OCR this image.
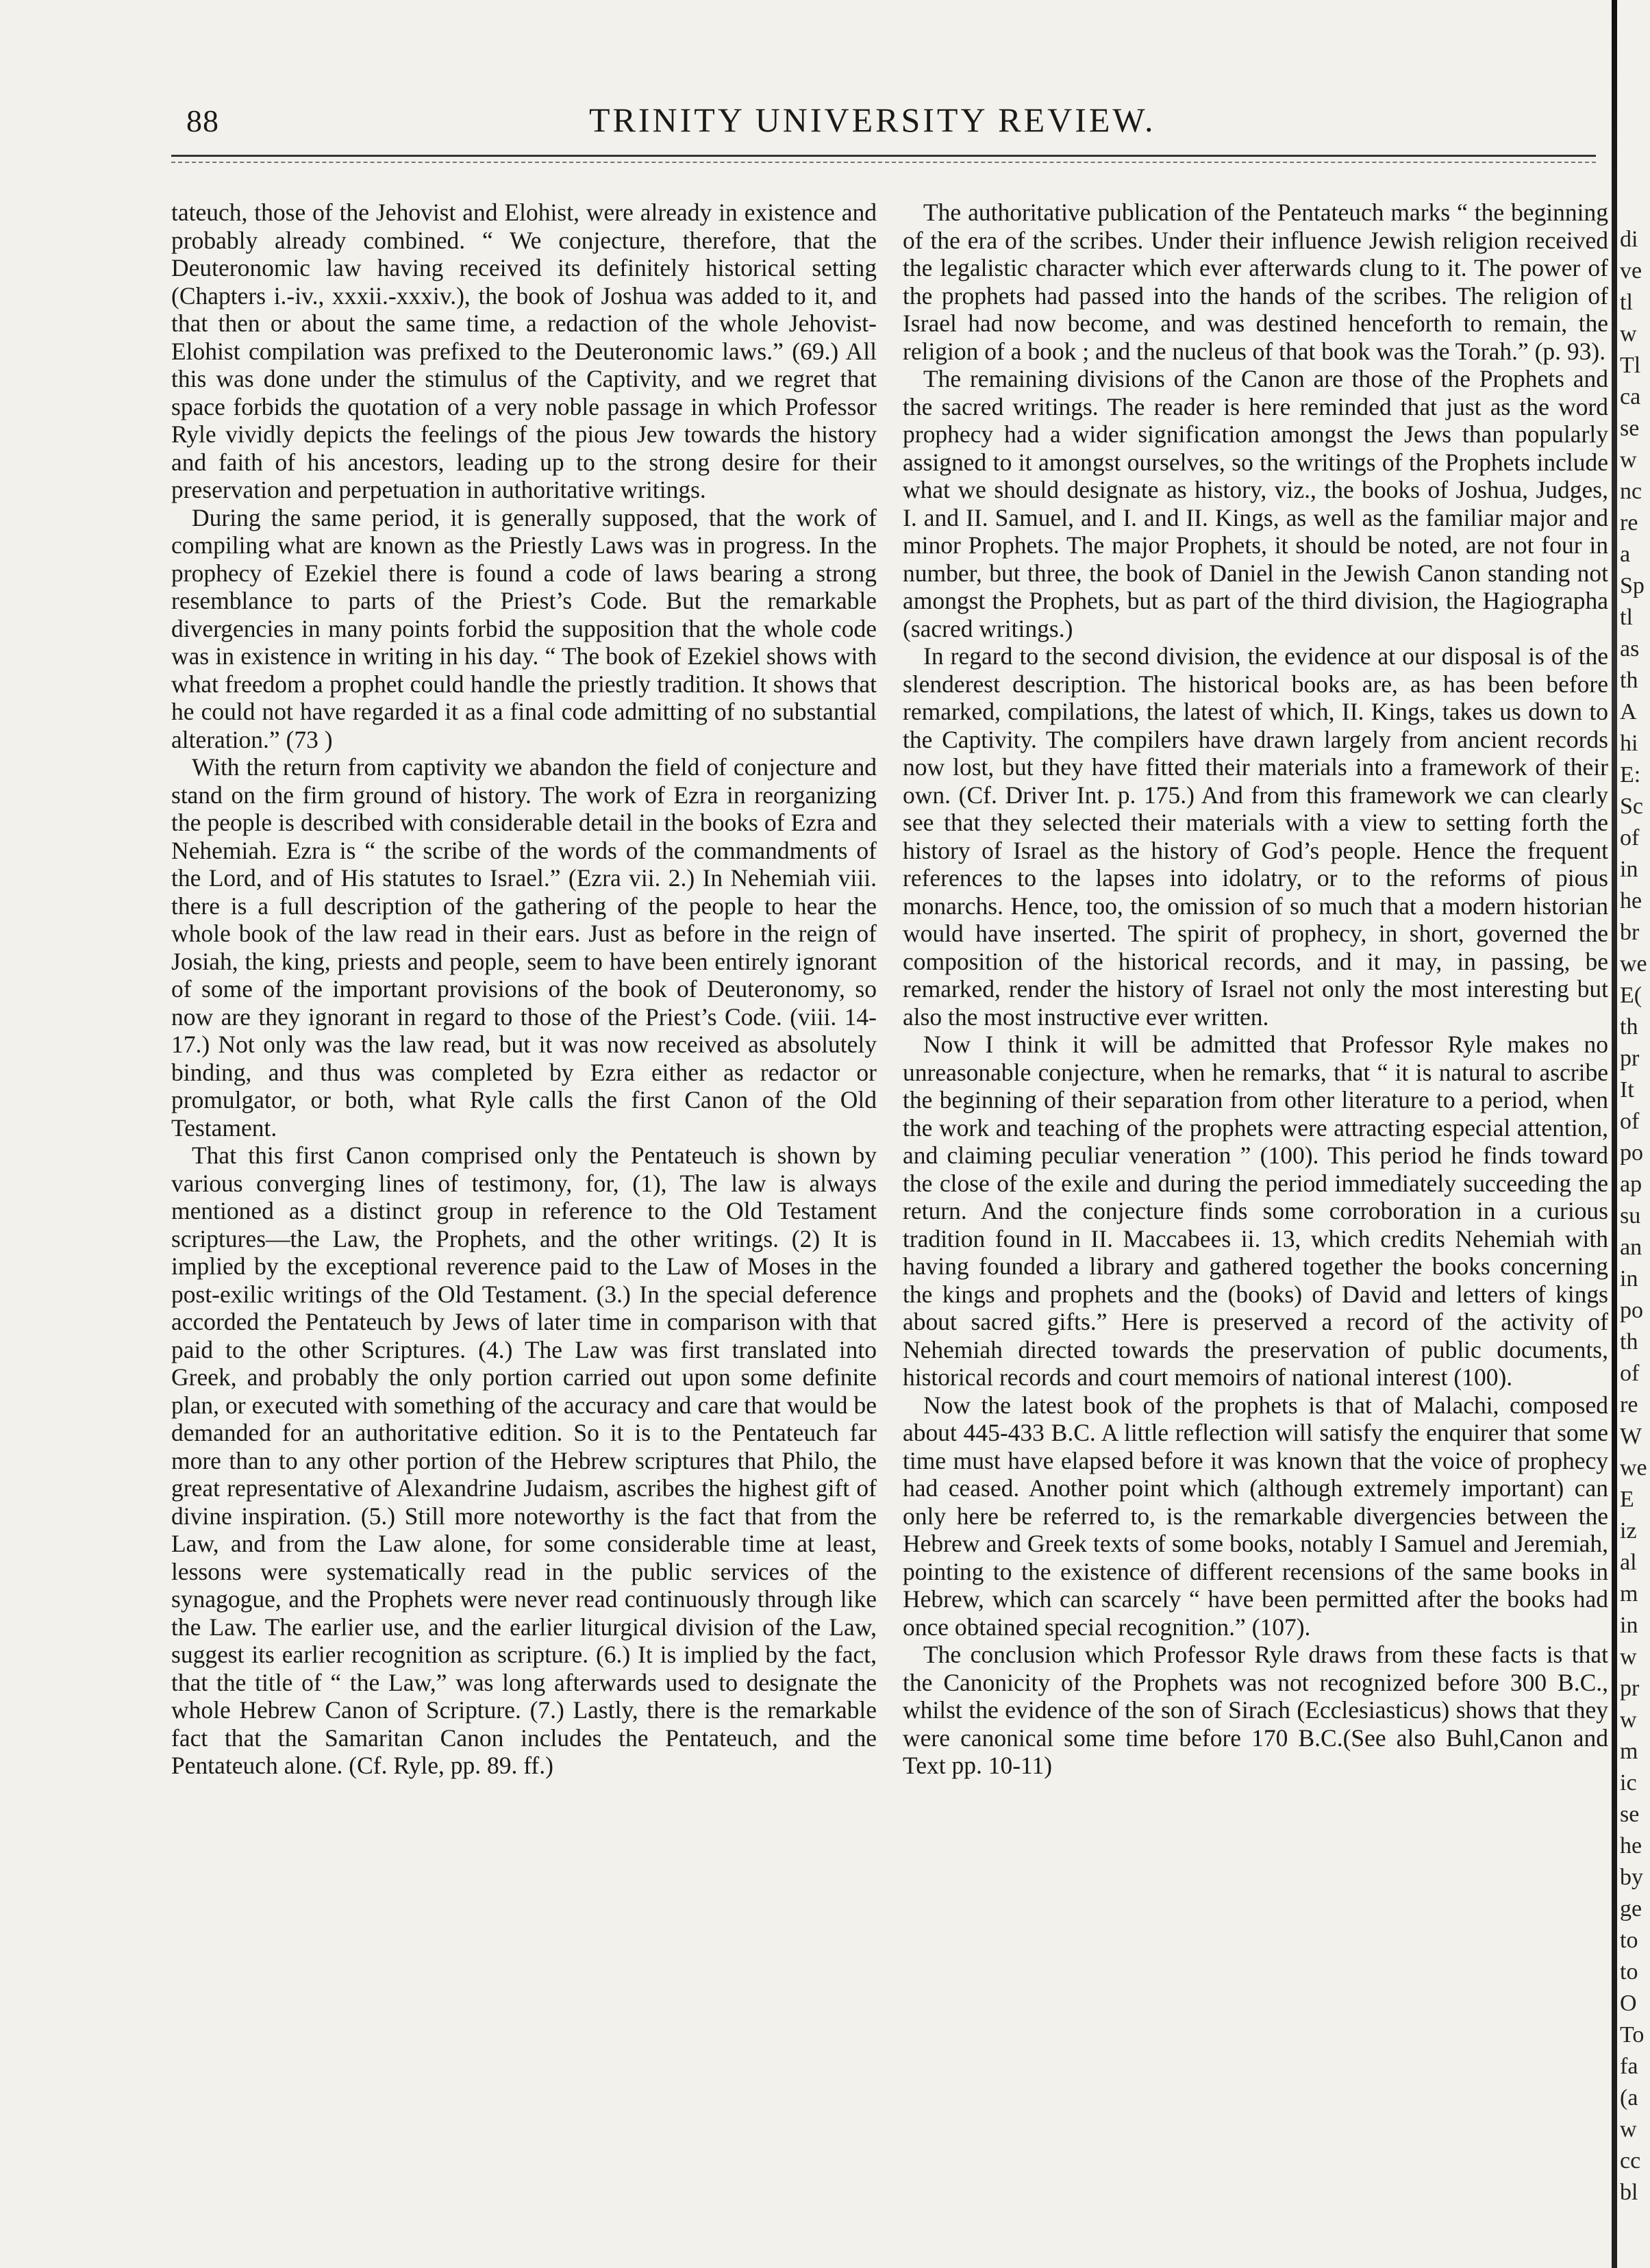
88	TRINITY UNIVERSITY REVIEW.

tateuch, those of the Jehovist and Elohist, were already in existence and probably already combined. “ We conjecture, therefore, that the Deuteronomic law having received its definitely historical setting (Chapters i.-iv., xxxii.-xxxiv.), the book of Joshua was added to it, and that then or about the same time, a redaction of the whole Jehovist-Elohist compilation was prefixed to the Deuteronomic laws.” (69.) All this was done under the stimulus of the Captivity, and we regret that space forbids the quotation of a very noble passage in which Professor Ryle vividly depicts the feelings of the pious Jew towards the history and faith of his ancestors, leading up to the strong desire for their preservation and perpetuation in authoritative writings.

During the same period, it is generally supposed, that the work of compiling what are known as the Priestly Laws was in progress. In the prophecy of Ezekiel there is found a code of laws bearing a strong resemblance to parts of the Priest’s Code. But the remarkable divergencies in many points forbid the supposition that the whole code was in existence in writing in his day. “ The book of Ezekiel shows with what freedom a prophet could handle the priestly tradition. It shows that he could not have regarded it as a final code admitting of no substantial alteration.” (73 )

With the return from captivity we abandon the field of conjecture and stand on the firm ground of history. The work of Ezra in reorganizing the people is described with considerable detail in the books of Ezra and Nehemiah. Ezra is “ the scribe of the words of the commandments of the Lord, and of His statutes to Israel.” (Ezra vii. 2.) In Nehemiah viii. there is a full description of the gathering of the people to hear the whole book of the law read in their ears. Just as before in the reign of Josiah, the king, priests and people, seem to have been entirely ignorant of some of the important provisions of the book of Deuteronomy, so now are they ignorant in regard to those of the Priest’s Code. (viii. 14-17.) Not only was the law read, but it was now received as absolutely binding, and thus was completed by Ezra either as redactor or promulgator, or both, what Ryle calls the first Canon of the Old Testament.

That this first Canon comprised only the Pentateuch is shown by various converging lines of testimony, for, (1), The law is always mentioned as a distinct group in reference to the Old Testament scriptures—the Law, the Prophets, and the other writings. (2) It is implied by the exceptional reverence paid to the Law of Moses in the post-exilic writings of the Old Testament. (3.) In the special deference accorded the Pentateuch by Jews of later time in comparison with that paid to the other Scriptures. (4.) The Law was first translated into Greek, and probably the only portion carried out upon some definite plan, or executed with something of the accuracy and care that would be demanded for an authoritative edition. So it is to the Pentateuch far more than to any other portion of the Hebrew scriptures that Philo, the great representative of Alexandrine Judaism, ascribes the highest gift of divine inspiration. (5.) Still more noteworthy is the fact that from the Law, and from the Law alone, for some considerable time at least, lessons were systematically read in the public services of the synagogue, and the Prophets were never read continuously through like the Law. The earlier use, and the earlier liturgical division of the Law, suggest its earlier recognition as scripture. (6.) It is implied by the fact, that the title of “ the Law,” was long afterwards used to designate the whole Hebrew Canon of Scripture. (7.) Lastly, there is the remarkable fact that the Samaritan Canon includes the Pentateuch, and the Pentateuch alone. (Cf. Ryle, pp. 89. ff.)

The authoritative publication of the Pentateuch marks “ the beginning of the era of the scribes. Under their influence Jewish religion received the legalistic character which ever afterwards clung to it. The power of the prophets had passed into the hands of the scribes. The religion of Israel had now become, and was destined henceforth to remain, the religion of a book ; and the nucleus of that book was the Torah.” (p. 93).

The remaining divisions of the Canon are those of the Prophets and the sacred writings. The reader is here reminded that just as the word prophecy had a wider signification amongst the Jews than popularly assigned to it amongst ourselves, so the writings of the Prophets include what we should designate as history, viz., the books of Joshua, Judges, I. and II. Samuel, and I. and II. Kings, as well as the familiar major and minor Prophets. The major Prophets, it should be noted, are not four in number, but three, the book of Daniel in the Jewish Canon standing not amongst the Prophets, but as part of the third division, the Hagiographa (sacred writings.)

In regard to the second division, the evidence at our disposal is of the slenderest description. The historical books are, as has been before remarked, compilations, the latest of which, II. Kings, takes us down to the Captivity. The compilers have drawn largely from ancient records now lost, but they have fitted their materials into a framework of their own. (Cf. Driver Int. p. 175.) And from this framework we can clearly see that they selected their materials with a view to setting forth the history of Israel as the history of God’s people. Hence the frequent references to the lapses into idolatry, or to the reforms of pious monarchs. Hence, too, the omission of so much that a modern historian would have inserted. The spirit of prophecy, in short, governed the composition of the historical records, and it may, in passing, be remarked, render the history of Israel not only the most interesting but also the most instructive ever written.

Now I think it will be admitted that Professor Ryle makes no unreasonable conjecture, when he remarks, that “ it is natural to ascribe the beginning of their separation from other literature to a period, when the work and teaching of the prophets were attracting especial attention, and claiming peculiar veneration ” (100). This period he finds toward the close of the exile and during the period immediately succeeding the return. And the conjecture finds some corroboration in a curious tradition found in II. Maccabees ii. 13, which credits Nehemiah with having founded a library and gathered together the books concerning the kings and prophets and the (books) of David and letters of kings about sacred gifts.” Here is preserved a record of the activity of Nehemiah directed towards the preservation of public documents, historical records and court memoirs of national interest (100).

Now the latest book of the prophets is that of Malachi, composed about 445-433 B.C. A little reflection will satisfy the enquirer that some time must have elapsed before it was known that the voice of prophecy had ceased. Another point which (although extremely important) can only here be referred to, is the remarkable divergencies between the Hebrew and Greek texts of some books, notably I Samuel and Jeremiah, pointing to the existence of different recensions of the same books in Hebrew, which can scarcely “ have been permitted after the books had once obtained special recognition.” (107).

The conclusion which Professor Ryle draws from these facts is that the Canonicity of the Prophets was not recognized before 300 B.C., whilst the evidence of the son of Sirach (Ecclesiasticus) shows that they were canonical some time before 170 B.C.(See also Buhl,Canon and Text pp. 10-11)

di
ve
tl
w
Tl
ca
se
w
nc
re
a
Sp
tl
as
th
A
hi
E:
Sc
of
in
he
br
we
E(
th
pr
It
of
po
ap
su
an
in
po
th
of
re
W
we
E
iz
al
m
in
w
pr
w
m
ic
se
he
by
ge
to
to
O
To
fa
(a
w
cc
bl
